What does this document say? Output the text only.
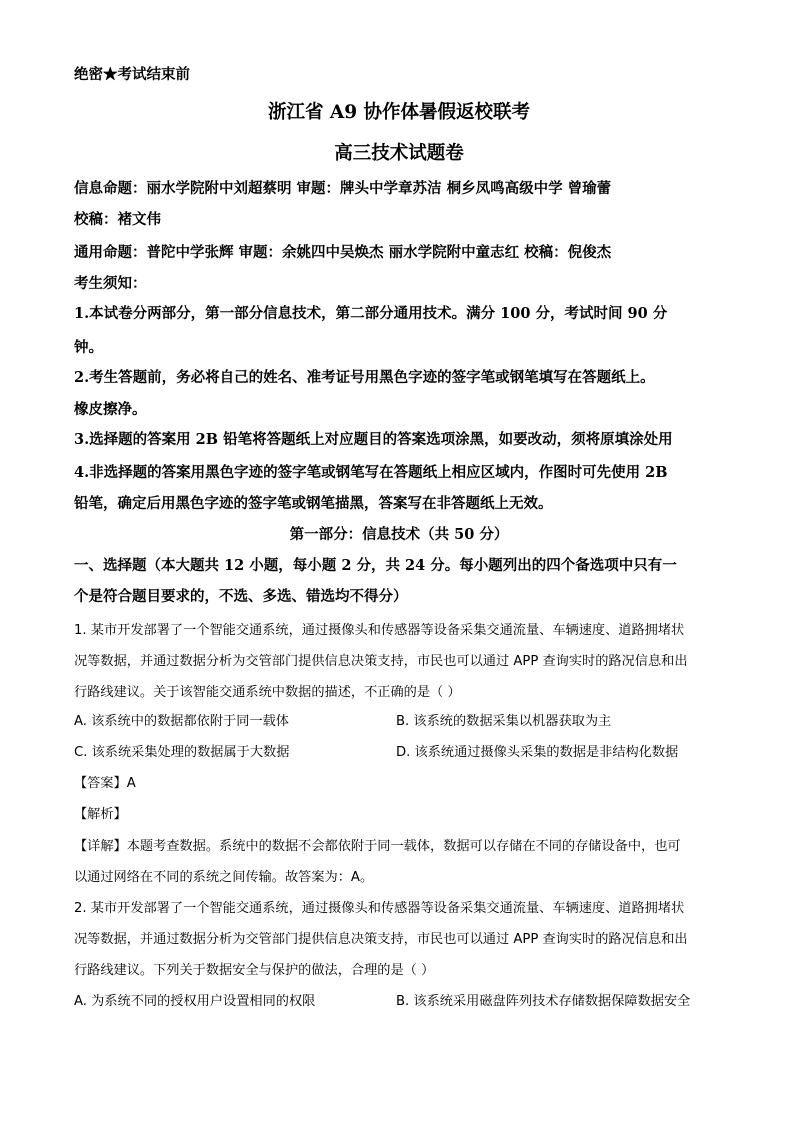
绝密★考试结束前
浙江省 A9 协作体暑假返校联考
高三技术试题卷
信息命题：丽水学院附中刘超蔡明 审题：牌头中学章苏洁 桐乡凤鸣高级中学 曾瑜蕾
校稿：褚文伟
通用命题：普陀中学张辉 审题：余姚四中吴焕杰 丽水学院附中童志红 校稿：倪俊杰
考生须知：
1.本试卷分两部分，第一部分信息技术，第二部分通用技术。满分 100 分，考试时间 90 分
钟。
2.考生答题前，务必将自己的姓名、准考证号用黑色字迹的签字笔或钢笔填写在答题纸上。
橡皮擦净。
3.选择题的答案用 2B 铅笔将答题纸上对应题目的答案选项涂黑，如要改动，须将原填涂处用
4.非选择题的答案用黑色字迹的签字笔或钢笔写在答题纸上相应区域内，作图时可先使用 2B
铅笔，确定后用黑色字迹的签字笔或钢笔描黑，答案写在非答题纸上无效。
第一部分：信息技术（共 50 分）
一、选择题（本大题共 12 小题，每小题 2 分，共 24 分。每小题列出的四个备选项中只有一
个是符合题目要求的，不选、多选、错选均不得分）
1. 某市开发部署了一个智能交通系统，通过摄像头和传感器等设备采集交通流量、车辆速度、道路拥堵状
况等数据，并通过数据分析为交管部门提供信息决策支持，市民也可以通过 APP 查询实时的路况信息和出
行路线建议。关于该智能交通系统中数据的描述，不正确的是（ ）
A. 该系统中的数据都依附于同一载体	B. 该系统的数据采集以机器获取为主
C. 该系统采集处理的数据属于大数据	D. 该系统通过摄像头采集的数据是非结构化数据
【答案】A
【解析】
【详解】本题考查数据。系统中的数据不会都依附于同一载体，数据可以存储在不同的存储设备中，也可
以通过网络在不同的系统之间传输。故答案为：A。
2. 某市开发部署了一个智能交通系统，通过摄像头和传感器等设备采集交通流量、车辆速度、道路拥堵状
况等数据，并通过数据分析为交管部门提供信息决策支持，市民也可以通过 APP 查询实时的路况信息和出
行路线建议。下列关于数据安全与保护的做法，合理的是（ ）
A. 为系统不同的授权用户设置相同的权限	B. 该系统采用磁盘阵列技术存储数据保障数据安全
